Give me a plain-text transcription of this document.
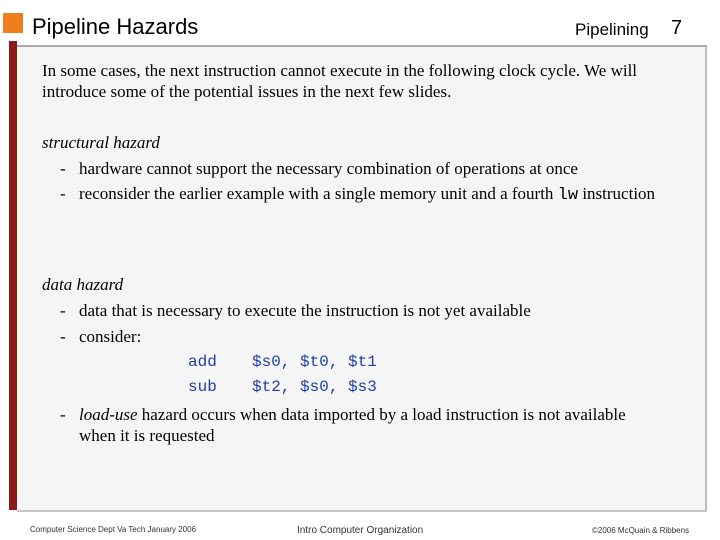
Pipeline Hazards	Pipelining 7
In some cases, the next instruction cannot execute in the following clock cycle. We will
introduce some of the potential issues in the next few slides.
structural hazard
- hardware cannot support the necessary combination of operations at once
- reconsider the earlier example with a single memory unit and a fourth lw instruction
data hazard
- data that is necessary to execute the instruction is not yet available
- consider:
add $s0, $t0, $t1
sub $t2, $s0, $s3
- load-use hazard occurs when data imported by a load instruction is not available
when it is requested
Computer Science Dept Va Tech January 2006	Intro Computer Organization	©2006 McQuain & Ribbens
